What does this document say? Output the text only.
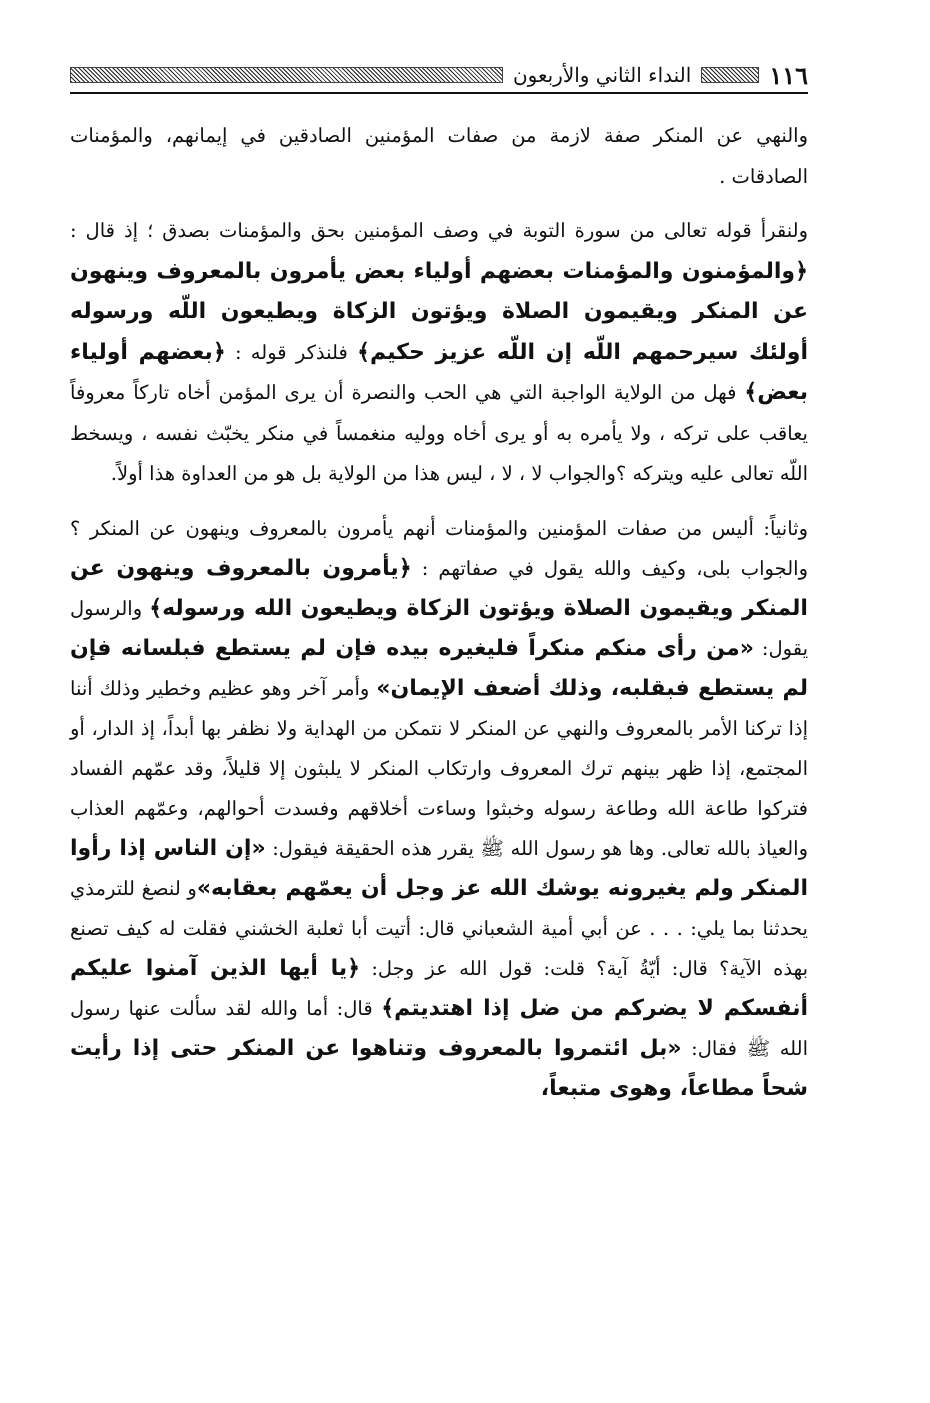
١١٦
النداء الثاني والأربعون

والنهي عن المنكر صفة لازمة من صفات المؤمنين الصادقين في إيمانهم، والمؤمنات الصادقات .

ولنقرأ قوله تعالى من سورة التوبة في وصف المؤمنين بحق والمؤمنات بصدق ؛ إذ قال : ﴿والمؤمنون والمؤمنات بعضهم أولياء بعض يأمرون بالمعروف وينهون عن المنكر ويقيمون الصلاة ويؤتون الزكاة ويطيعون اللّه ورسوله أولئك سيرحمهم اللّه إن اللّه عزيز حكيم﴾ فلنذكر قوله : ﴿بعضهم أولياء بعض﴾ فهل من الولاية الواجبة التي هي الحب والنصرة أن يرى المؤمن أخاه تاركاً معروفاً يعاقب على تركه ، ولا يأمره به أو يرى أخاه ووليه منغمساً في منكر يخبّث نفسه ، ويسخط اللّه تعالى عليه ويتركه ؟والجواب لا ، لا ، ليس هذا من الولاية بل هو من العداوة هذا أولاً.

وثانياً: أليس من صفات المؤمنين والمؤمنات أنهم يأمرون بالمعروف وينهون عن المنكر ؟ والجواب بلى، وكيف والله يقول في صفاتهم : ﴿يأمرون بالمعروف وينهون عن المنكر ويقيمون الصلاة ويؤتون الزكاة ويطيعون الله ورسوله﴾ والرسول يقول: «من رأى منكم منكراً فليغيره بيده فإن لم يستطع فبلسانه فإن لم يستطع فبقلبه، وذلك أضعف الإيمان» وأمر آخر وهو عظيم وخطير وذلك أننا إذا تركنا الأمر بالمعروف والنهي عن المنكر لا نتمكن من الهداية ولا نظفر بها أبداً، إذ الدار، أو المجتمع، إذا ظهر بينهم ترك المعروف وارتكاب المنكر لا يلبثون إلا قليلاً، وقد عمّهم الفساد فتركوا طاعة الله وطاعة رسوله وخبثوا وساءت أخلاقهم وفسدت أحوالهم، وعمّهم العذاب والعياذ بالله تعالى. وها هو رسول الله ﷺ يقرر هذه الحقيقة فيقول: «إن الناس إذا رأوا المنكر ولم يغيرونه يوشك الله عز وجل أن يعمّهم بعقابه»و لنصغ للترمذي يحدثنا بما يلي: . . . عن أبي أمية الشعباني قال: أتيت أبا ثعلبة الخشني فقلت له كيف تصنع بهذه الآية؟ قال: أيّةُ آية؟ قلت: قول الله عز وجل: ﴿يا أيها الذين آمنوا عليكم أنفسكم لا يضركم من ضل إذا اهتديتم﴾ قال: أما والله لقد سألت عنها رسول الله ﷺ فقال: «بل ائتمروا بالمعروف وتناهوا عن المنكر حتى إذا رأيت شحاً مطاعاً، وهوى متبعاً،
